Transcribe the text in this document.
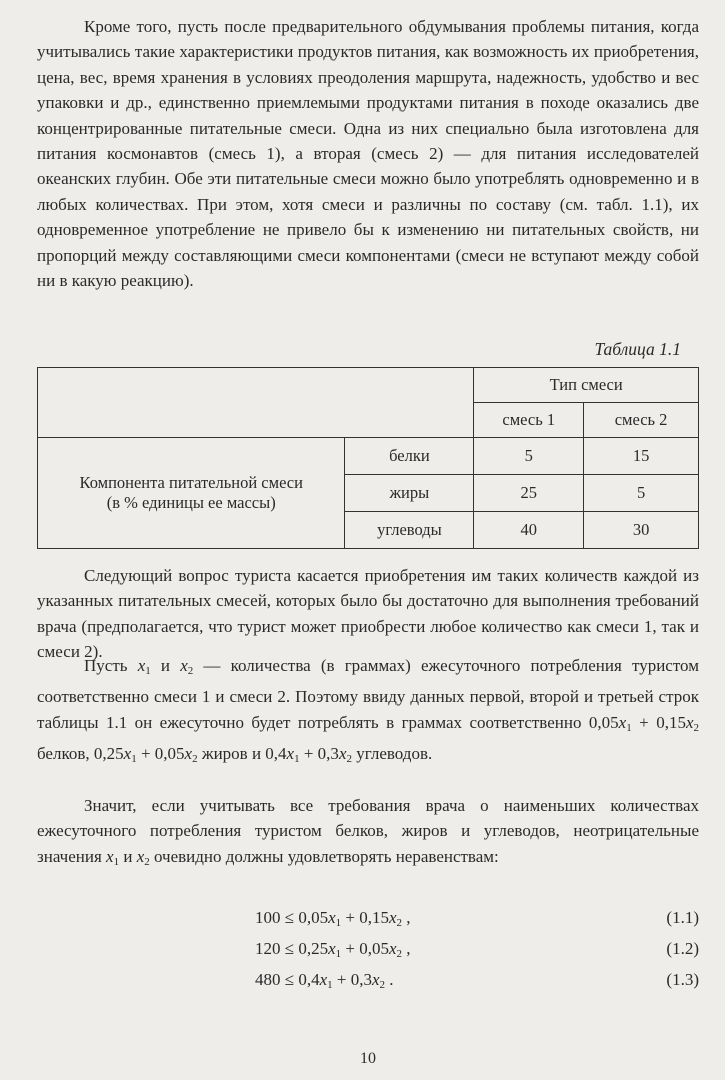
Кроме того, пусть после предварительного обдумывания проблемы питания, когда учитывались такие характеристики продуктов питания, как возможность их приобретения, цена, вес, время хранения в условиях преодоления маршрута, надежность, удобство и вес упаковки и др., единственно приемлемыми продуктами питания в походе оказались две концентрированные питательные смеси. Одна из них специально была изготовлена для питания космонавтов (смесь 1), а вторая (смесь 2) — для питания исследователей океанских глубин. Обе эти питательные смеси можно было употреблять одновременно и в любых количествах. При этом, хотя смеси и различны по составу (см. табл. 1.1), их одновременное употребление не привело бы к изменению ни питательных свойств, ни пропорций между составляющими смеси компонентами (смеси не вступают между собой ни в какую реакцию).

Таблица 1.1
		Тип смеси	
		смесь 1	смесь 2
Компонента питательной смеси
(в % единицы ее массы)	белки	5	15
	жиры	25	5
	углеводы	40	30

Следующий вопрос туриста касается приобретения им таких количеств каждой из указанных питательных смесей, которых было бы достаточно для выполнения требований врача (предполагается, что турист может приобрести любое количество как смеси 1, так и смеси 2).

Пусть $x_1$ и $x_2$ — количества (в граммах) ежесуточного потребления туристом соответственно смеси 1 и смеси 2. Поэтому ввиду данных первой, второй и третьей строк таблицы 1.1 он ежесуточно будет потреблять в граммах соответственно $0,05x_1 + 0,15x_2$ белков, $0,25x_1 + 0,05x_2$ жиров и $0,4x_1 + 0,3x_2$ углеводов.

Значит, если учитывать все требования врача о наименьших количествах ежесуточного потребления туристом белков, жиров и углеводов, неотрицательные значения $x_1$ и $x_2$ очевидно должны удовлетворять неравенствам:

$100 \le 0,05x_1 + 0,15x_2$ ,	(1.1)
$120 \le 0,25x_1 + 0,05x_2$ ,	(1.2)
$480 \le 0,4x_1 + 0,3x_2$ .	(1.3)
10
